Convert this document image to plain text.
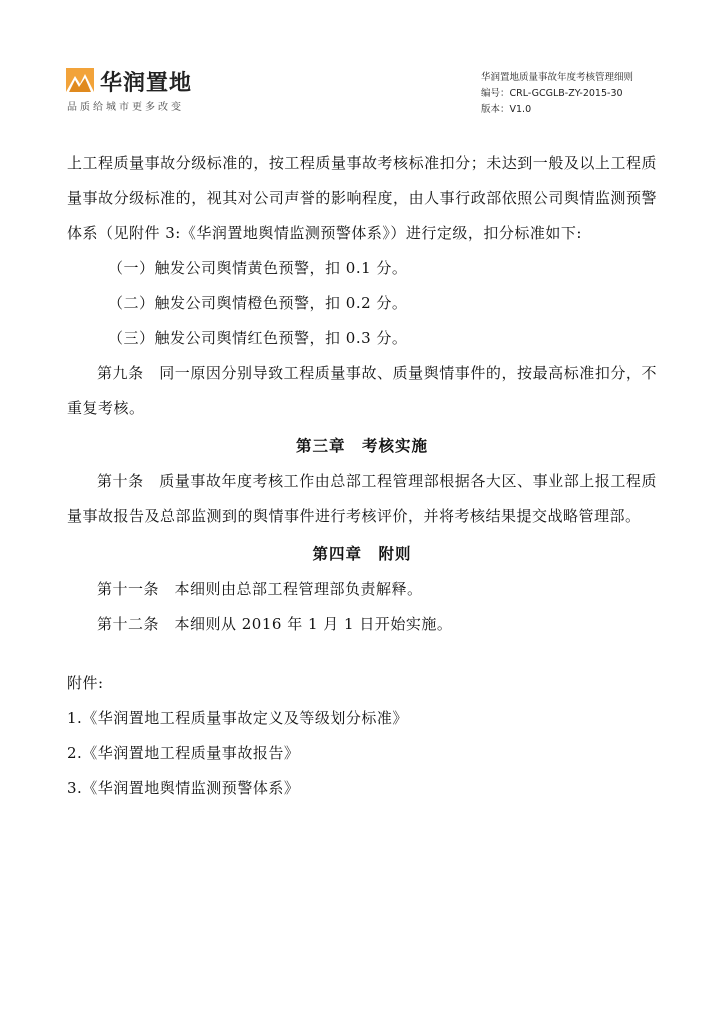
华润置地
品质给城市更多改变
华润置地质量事故年度考核管理细则
编号：CRL-GCGLB-ZY-2015-30
版本：V1.0

上工程质量事故分级标准的，按工程质量事故考核标准扣分；未达到一般及以上工程质量事故分级标准的，视其对公司声誉的影响程度，由人事行政部依照公司舆情监测预警体系（见附件 3:《华润置地舆情监测预警体系》）进行定级，扣分标准如下:

（一）触发公司舆情黄色预警，扣 0.1 分。

（二）触发公司舆情橙色预警，扣 0.2 分。

（三）触发公司舆情红色预警，扣 0.3 分。

第九条　同一原因分别导致工程质量事故、质量舆情事件的，按最高标准扣分，不重复考核。

第三章　考核实施

第十条　质量事故年度考核工作由总部工程管理部根据各大区、事业部上报工程质量事故报告及总部监测到的舆情事件进行考核评价，并将考核结果提交战略管理部。

第四章　附则

第十一条　本细则由总部工程管理部负责解释。

第十二条　本细则从 2016 年 1 月 1 日开始实施。

附件:

1.《华润置地工程质量事故定义及等级划分标准》

2.《华润置地工程质量事故报告》

3.《华润置地舆情监测预警体系》
